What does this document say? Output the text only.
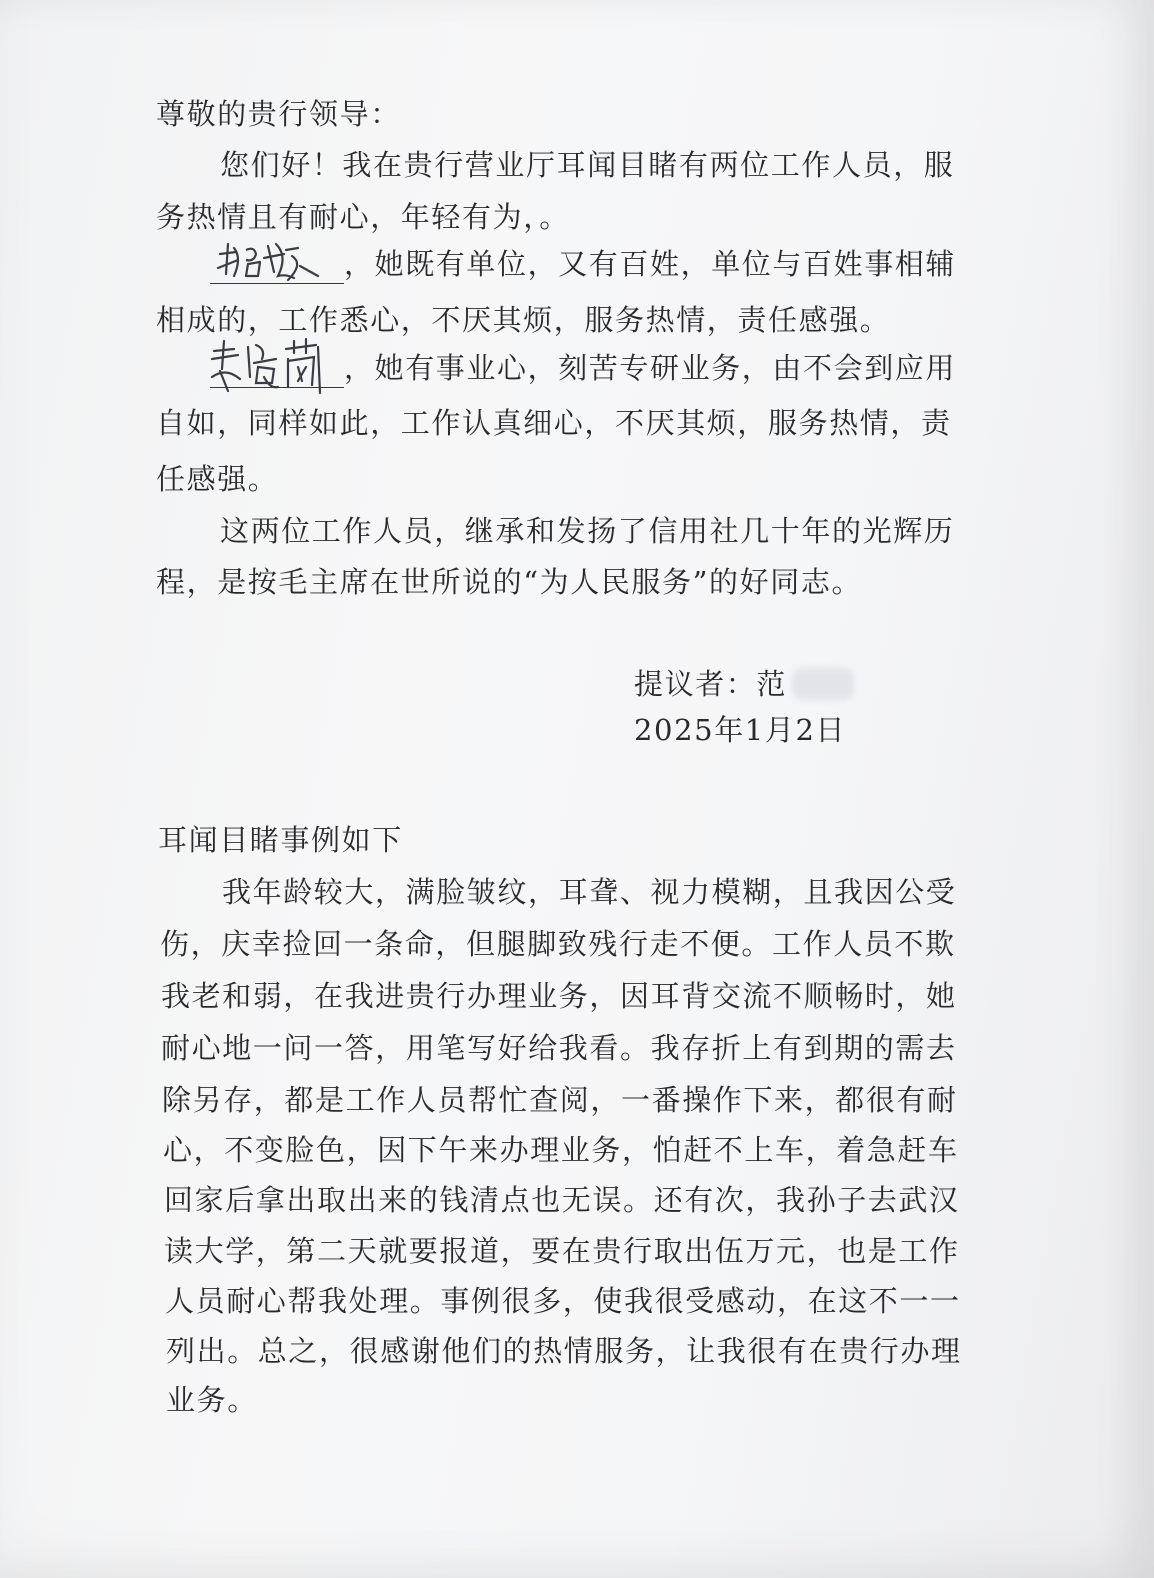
尊敬的贵行领导：

您们好！我在贵行营业厅耳闻目睹有两位工作人员，服

务热情且有耐心，年轻有为，。

，她既有单位，又有百姓，单位与百姓事相辅

相成的，工作悉心，不厌其烦，服务热情，责任感强。

，她有事业心，刻苦专研业务，由不会到应用

自如，同样如此，工作认真细心，不厌其烦，服务热情，责

任感强。

这两位工作人员，继承和发扬了信用社几十年的光辉历

程，是按毛主席在世所说的“为人民服务”的好同志。

提议者：范

2025年1月2日

耳闻目睹事例如下

我年龄较大，满脸皱纹，耳聋、视力模糊，且我因公受

伤，庆幸捡回一条命，但腿脚致残行走不便。工作人员不欺

我老和弱，在我进贵行办理业务，因耳背交流不顺畅时，她

耐心地一问一答，用笔写好给我看。我存折上有到期的需去

除另存，都是工作人员帮忙查阅，一番操作下来，都很有耐

心，不变脸色，因下午来办理业务，怕赶不上车，着急赶车

回家后拿出取出来的钱清点也无误。还有次，我孙子去武汉

读大学，第二天就要报道，要在贵行取出伍万元，也是工作

人员耐心帮我处理。事例很多，使我很受感动，在这不一一

列出。总之，很感谢他们的热情服务，让我很有在贵行办理

业务。
